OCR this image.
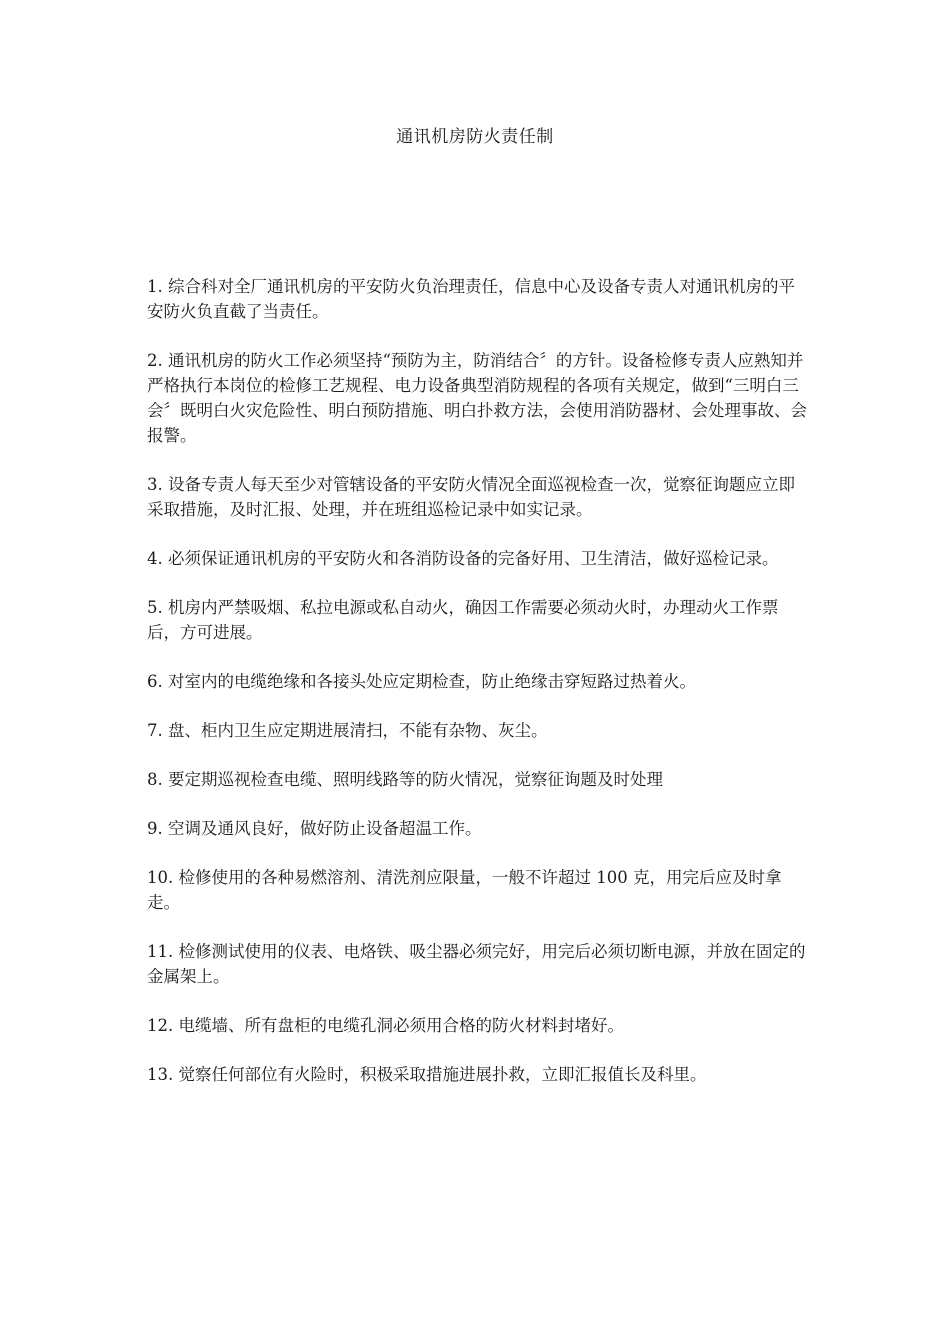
通讯机房防火责任制

1. 综合科对全厂通讯机房的平安防火负治理责任，信息中心及设备专责人对通讯机房的平安防火负直截了当责任。

2. 通讯机房的防火工作必须坚持“预防为主，防消结合〞的方针。设备检修专责人应熟知并严格执行本岗位的检修工艺规程、电力设备典型消防规程的各项有关规定，做到“三明白三会〞既明白火灾危险性、明白预防措施、明白扑救方法，会使用消防器材、会处理事故、会报警。

3. 设备专责人每天至少对管辖设备的平安防火情况全面巡视检查一次，觉察征询题应立即采取措施，及时汇报、处理，并在班组巡检记录中如实记录。

4. 必须保证通讯机房的平安防火和各消防设备的完备好用、卫生清洁，做好巡检记录。

5. 机房内严禁吸烟、私拉电源或私自动火，确因工作需要必须动火时，办理动火工作票后，方可进展。

6. 对室内的电缆绝缘和各接头处应定期检查，防止绝缘击穿短路过热着火。

7. 盘、柜内卫生应定期进展清扫，不能有杂物、灰尘。

8. 要定期巡视检查电缆、照明线路等的防火情况，觉察征询题及时处理

9. 空调及通风良好，做好防止设备超温工作。

10. 检修使用的各种易燃溶剂、清洗剂应限量，一般不许超过 100 克，用完后应及时拿走。

11. 检修测试使用的仪表、电烙铁、吸尘器必须完好，用完后必须切断电源，并放在固定的金属架上。

12. 电缆墙、所有盘柜的电缆孔洞必须用合格的防火材料封堵好。

13. 觉察任何部位有火险时，积极采取措施进展扑救，立即汇报值长及科里。
